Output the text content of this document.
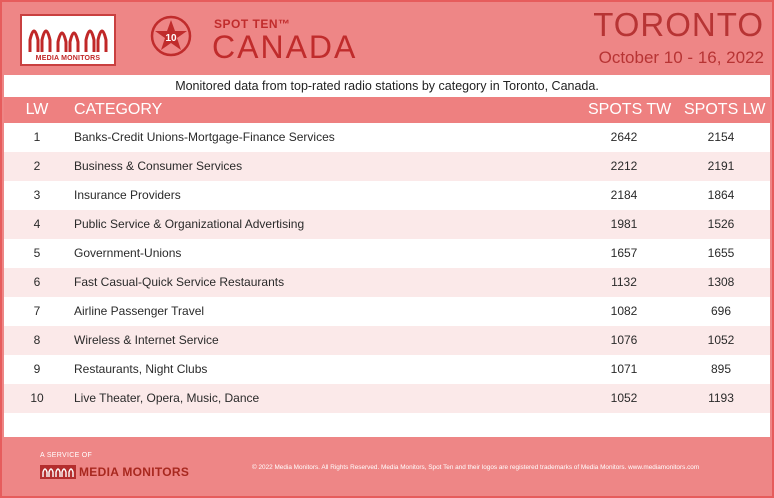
MEDIA MONITORS
10
SPOT TEN™
CANADA
TORONTO
October 10 - 16, 2022
Monitored data from top-rated radio stations by category in Toronto, Canada.
LW	CATEGORY	SPOTS TW SPOTS LW
1	Banks-Credit Unions-Mortgage-Finance Services	2642	2154
2	Business & Consumer Services	2212	2191
3	Insurance Providers	2184	1864
4	Public Service & Organizational Advertising	1981	1526
5	Government-Unions	1657	1655
6	Fast Casual-Quick Service Restaurants	1132	1308
7	Airline Passenger Travel	1082	696
8	Wireless & Internet Service	1076	1052
9	Restaurants, Night Clubs	1071	895
10	Live Theater, Opera, Music, Dance	1052	1193
A SERVICE OF
MEDIA MONITORS	© 2022 Media Monitors. All Rights Reserved. Media Monitors, Spot Ten and their logos are registered trademarks of Media Monitors. www.mediamonitors.com
